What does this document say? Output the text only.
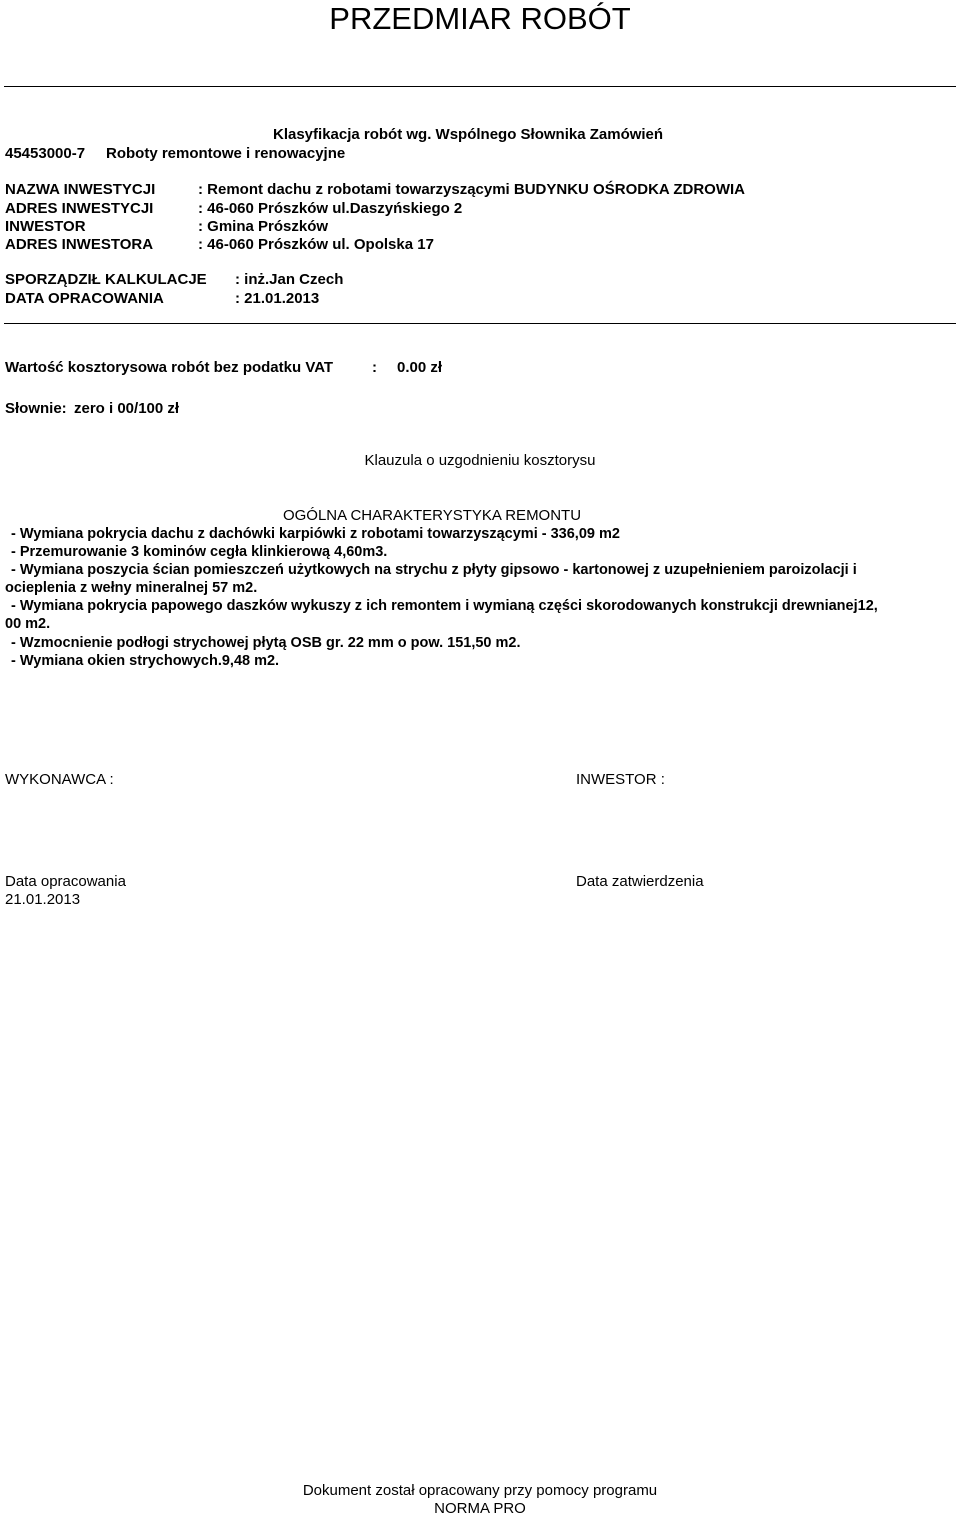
PRZEDMIAR ROBÓT
Klasyfikacja robót wg. Wspólnego Słownika Zamówień
45453000-7 Roboty remontowe i renowacyjne
NAZWA INWESTYCJI	: Remont dachu z robotami towarzyszącymi BUDYNKU OŚRODKA ZDROWIA
ADRES INWESTYCJI	: 46-060 Prószków ul.Daszyńskiego 2
INWESTOR	: Gmina Prószków
ADRES INWESTORA	: 46-060 Prószków ul. Opolska 17
SPORZĄDZIŁ KALKULACJE : inż.Jan Czech
DATA OPRACOWANIA	: 21.01.2013
Wartość kosztorysowa robót bez podatku VAT	: 0.00 zł
Słownie: zero i 00/100 zł
Klauzula o uzgodnieniu kosztorysu
OGÓLNA CHARAKTERYSTYKA REMONTU
- Wymiana pokrycia dachu z dachówki karpiówki z robotami towarzyszącymi - 336,09 m2
- Przemurowanie 3 kominów cegła klinkierową 4,60m3.
- Wymiana poszycia ścian pomieszczeń użytkowych na strychu z płyty gipsowo - kartonowej z uzupełnieniem paroizolacji i
ocieplenia z wełny mineralnej 57 m2.
- Wymiana pokrycia papowego daszków wykuszy z ich remontem i wymianą części skorodowanych konstrukcji drewnianej12,
00 m2.
- Wzmocnienie podłogi strychowej płytą OSB gr. 22 mm o pow. 151,50 m2.
- Wymiana okien strychowych.9,48 m2.
WYKONAWCA :	INWESTOR :
Data opracowania
21.01.2013
Data zatwierdzenia
Dokument został opracowany przy pomocy programu
NORMA PRO
